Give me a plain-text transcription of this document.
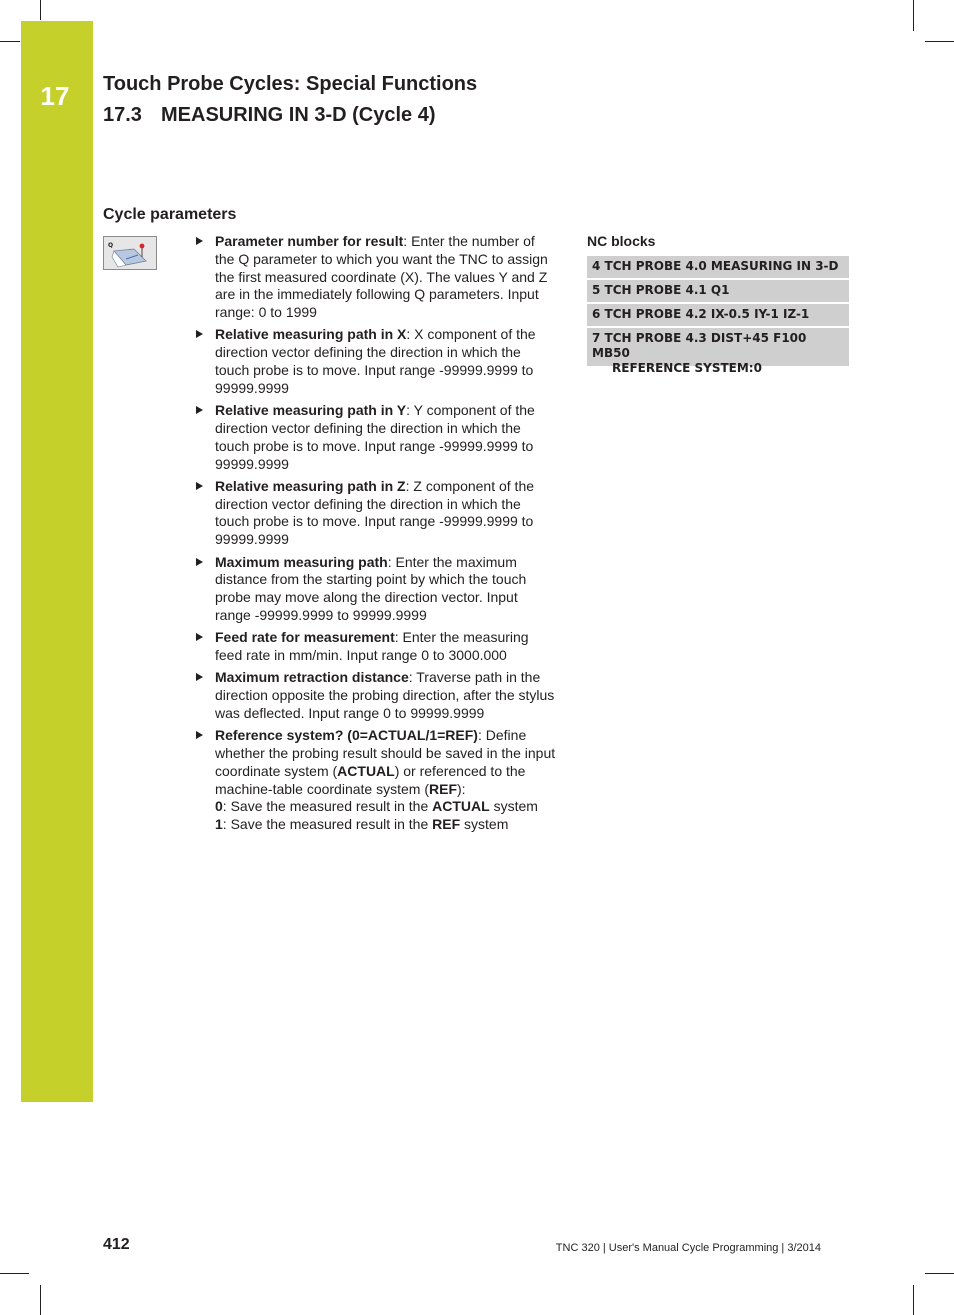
17	Touch Probe Cycles: Special Functions
17.3 MEASURING IN 3-D (Cycle 4)
Cycle parameters
Q	Parameter number for result: Enter the number of the Q parameter to which you want the TNC to assign the first measured coordinate (X). The values Y and Z are in the immediately following Q parameters. Input range: 0 to 1999
Relative measuring path in X: X component of the direction vector defining the direction in which the touch probe is to move. Input range -99999.9999 to 99999.9999
Relative measuring path in Y: Y component of the direction vector defining the direction in which the touch probe is to move. Input range -99999.9999 to 99999.9999
Relative measuring path in Z: Z component of the direction vector defining the direction in which the touch probe is to move. Input range -99999.9999 to 99999.9999
Maximum measuring path: Enter the maximum distance from the starting point by which the touch probe may move along the direction vector. Input range -99999.9999 to 99999.9999
Feed rate for measurement: Enter the measuring feed rate in mm/min. Input range 0 to 3000.000
Maximum retraction distance: Traverse path in the direction opposite the probing direction, after the stylus was deflected. Input range 0 to 99999.9999
Reference system? (0=ACTUAL/1=REF): Define whether the probing result should be saved in the input coordinate system (ACTUAL) or referenced to the machine-table coordinate system (REF):
0: Save the measured result in the ACTUAL system
1: Save the measured result in the REF system
NC blocks
4 TCH PROBE 4.0 MEASURING IN 3-D
5 TCH PROBE 4.1 Q1
6 TCH PROBE 4.2 IX-0.5 IY-1 IZ-1
7 TCH PROBE 4.3 DIST+45 F100 MB50
REFERENCE SYSTEM:0
412	TNC 320 | User's Manual Cycle Programming | 3/2014
